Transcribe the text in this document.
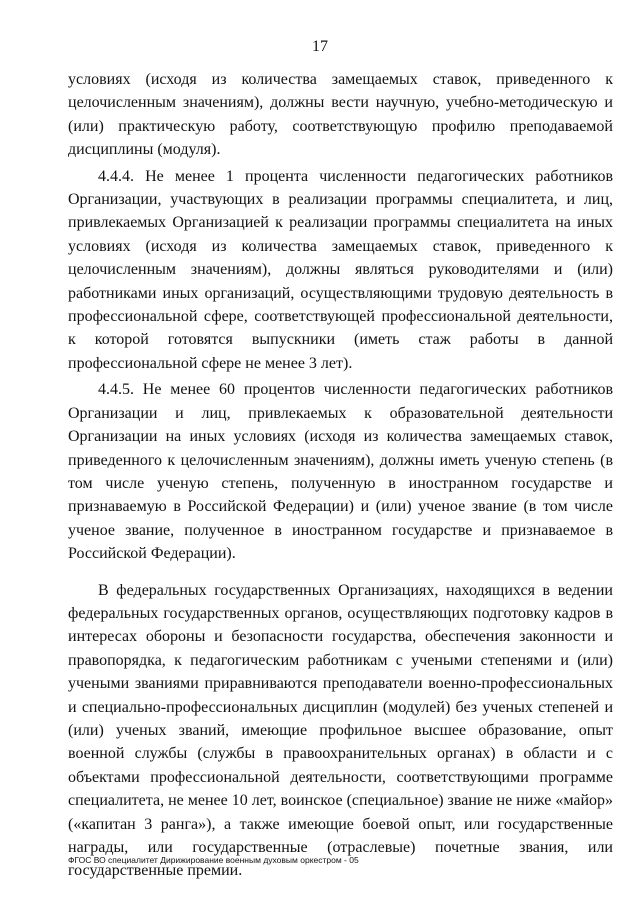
17

условиях (исходя из количества замещаемых ставок, приведенного к целочисленным значениям), должны вести научную, учебно-методическую и (или) практическую работу, соответствующую профилю преподаваемой дисциплины (модуля).

4.4.4. Не менее 1 процента численности педагогических работников Организации, участвующих в реализации программы специалитета, и лиц, привлекаемых Организацией к реализации программы специалитета на иных условиях (исходя из количества замещаемых ставок, приведенного к целочисленным значениям), должны являться руководителями и (или) работниками иных организаций, осуществляющими трудовую деятельность в профессиональной сфере, соответствующей профессиональной деятельности, к которой готовятся выпускники (иметь стаж работы в данной профессиональной сфере не менее 3 лет).

4.4.5. Не менее 60 процентов численности педагогических работников Организации и лиц, привлекаемых к образовательной деятельности Организации на иных условиях (исходя из количества замещаемых ставок, приведенного к целочисленным значениям), должны иметь ученую степень (в том числе ученую степень, полученную в иностранном государстве и признаваемую в Российской Федерации) и (или) ученое звание (в том числе ученое звание, полученное в иностранном государстве и признаваемое в Российской Федерации).

В федеральных государственных Организациях, находящихся в ведении федеральных государственных органов, осуществляющих подготовку кадров в интересах обороны и безопасности государства, обеспечения законности и правопорядка, к педагогическим работникам с учеными степенями и (или) учеными званиями приравниваются преподаватели военно-профессиональных и специально-профессиональных дисциплин (модулей) без ученых степеней и (или) ученых званий, имеющие профильное высшее образование, опыт военной службы (службы в правоохранительных органах) в области и с объектами профессиональной деятельности, соответствующими программе специалитета, не менее 10 лет, воинское (специальное) звание не ниже «майор» («капитан 3 ранга»), а также имеющие боевой опыт, или государственные награды, или государственные (отраслевые) почетные звания, или государственные премии.

ФГОС ВО специалитет Дирижирование военным духовым оркестром - 05
